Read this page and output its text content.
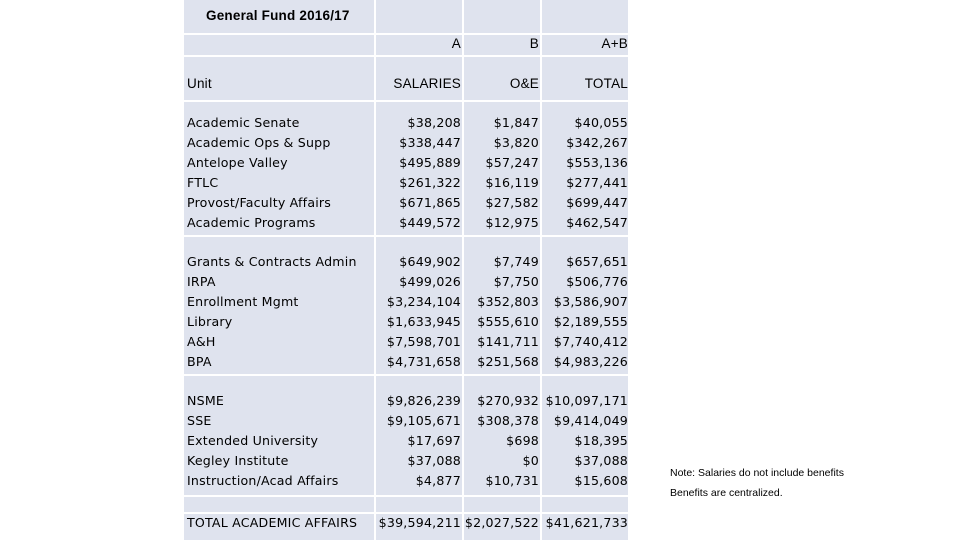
General Fund 2016/17
A	B	A+B
Unit	SALARIES	O&E	TOTAL
Academic Senate	$38,208	$1,847	$40,055
Academic Ops & Supp	$338,447	$3,820 $342,267
Antelope Valley	$495,889 $57,247 $553,136
FTLC	$261,322 $16,119 $277,441
Provost/Faculty Affairs	$671,865 $27,582 $699,447
Academic Programs	$449,572 $12,975 $462,547
Grants & Contracts Admin	$649,902	$7,749 $657,651
IRPA	$499,026	$7,750 $506,776
Enrollment Mgmt	$3,234,104 $352,803 $3,586,907
Library	$1,633,945 $555,610 $2,189,555
A&H	$7,598,701 $141,711 $7,740,412
BPA	$4,731,658 $251,568 $4,983,226
NSME	$9,826,239 $270,932 $10,097,171
SSE	$9,105,671 $308,378 $9,414,049
Extended University	$17,697	$698	$18,395
Kegley Institute	$37,088	$0	$37,088
Instruction/Acad Affairs	$4,877 $10,731	$15,608
TOTAL ACADEMIC AFFAIRS $39,594,211 $2,027,522 $41,621,733
Note: Salaries do not include benefits
Benefits are centralized.
